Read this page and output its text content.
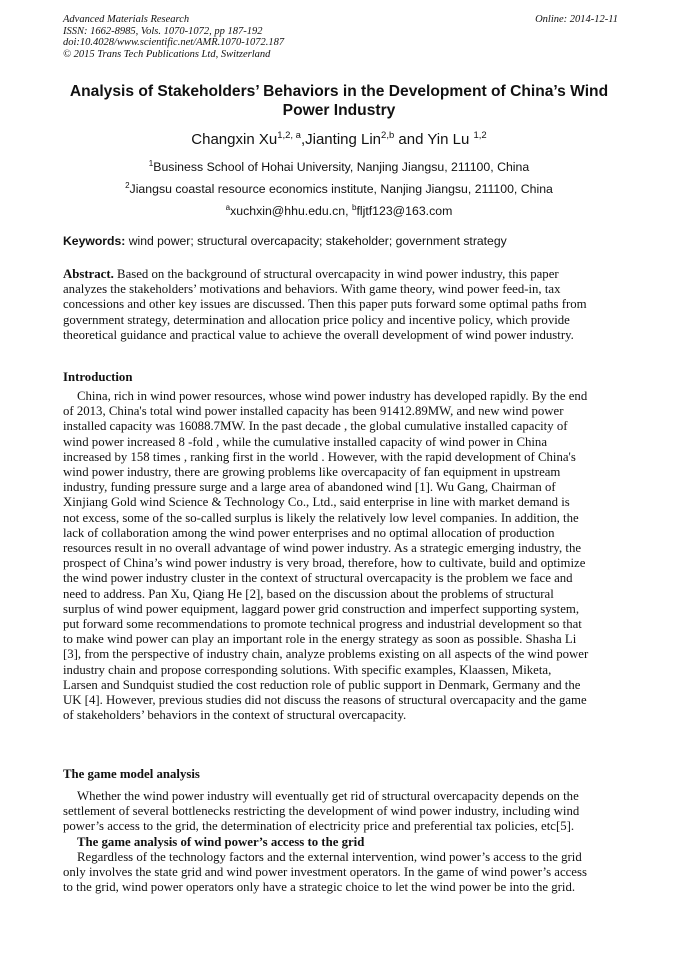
Advanced Materials Research
ISSN: 1662-8985, Vols. 1070-1072, pp 187-192
doi:10.4028/www.scientific.net/AMR.1070-1072.187
© 2015 Trans Tech Publications Ltd, Switzerland
Online: 2014-12-11
Analysis of Stakeholders’ Behaviors in the Development of China’s Wind
Power Industry
Changxin Xu$^{1,2, a}$,Jianting Lin$^{2,b}$ and Yin Lu $^{1,2}$
$^1$Business School of Hohai University, Nanjing Jiangsu, 211100, China
$^2$Jiangsu coastal resource economics institute, Nanjing Jiangsu, 211100, China
$^a$xuchxin@hhu.edu.cn, $^b$fljtf123@163.com
Keywords: wind power; structural overcapacity; stakeholder; government strategy
Abstract. Based on the background of structural overcapacity in wind power industry, this paper
analyzes the stakeholders’ motivations and behaviors. With game theory, wind power feed-in, tax
concessions and other key issues are discussed. Then this paper puts forward some optimal paths from
government strategy, determination and allocation price policy and incentive policy, which provide
theoretical guidance and practical value to achieve the overall development of wind power industry.
Introduction
China, rich in wind power resources, whose wind power industry has developed rapidly. By the end
of 2013, China's total wind power installed capacity has been 91412.89MW, and new wind power
installed capacity was 16088.7MW. In the past decade , the global cumulative installed capacity of
wind power increased 8 -fold , while the cumulative installed capacity of wind power in China
increased by 158 times , ranking first in the world . However, with the rapid development of China's
wind power industry, there are growing problems like overcapacity of fan equipment in upstream
industry, funding pressure surge and a large area of abandoned wind [1]. Wu Gang, Chairman of
Xinjiang Gold wind Science & Technology Co., Ltd., said enterprise in line with market demand is
not excess, some of the so-called surplus is likely the relatively low level companies. In addition, the
lack of collaboration among the wind power enterprises and no optimal allocation of production
resources result in no overall advantage of wind power industry. As a strategic emerging industry, the
prospect of China’s wind power industry is very broad, therefore, how to cultivate, build and optimize
the wind power industry cluster in the context of structural overcapacity is the problem we face and
need to address. Pan Xu, Qiang He [2], based on the discussion about the problems of structural
surplus of wind power equipment, laggard power grid construction and imperfect supporting system,
put forward some recommendations to promote technical progress and industrial development so that
to make wind power can play an important role in the energy strategy as soon as possible. Shasha Li
[3], from the perspective of industry chain, analyze problems existing on all aspects of the wind power
industry chain and propose corresponding solutions. With specific examples, Klaassen, Miketa,
Larsen and Sundquist studied the cost reduction role of public support in Denmark, Germany and the
UK [4]. However, previous studies did not discuss the reasons of structural overcapacity and the game
of stakeholders’ behaviors in the context of structural overcapacity.
The game model analysis
Whether the wind power industry will eventually get rid of structural overcapacity depends on the
settlement of several bottlenecks restricting the development of wind power industry, including wind
power’s access to the grid, the determination of electricity price and preferential tax policies, etc[5].
The game analysis of wind power’s access to the grid
Regardless of the technology factors and the external intervention, wind power’s access to the grid
only involves the state grid and wind power investment operators. In the game of wind power’s access
to the grid, wind power operators only have a strategic choice to let the wind power be into the grid.
